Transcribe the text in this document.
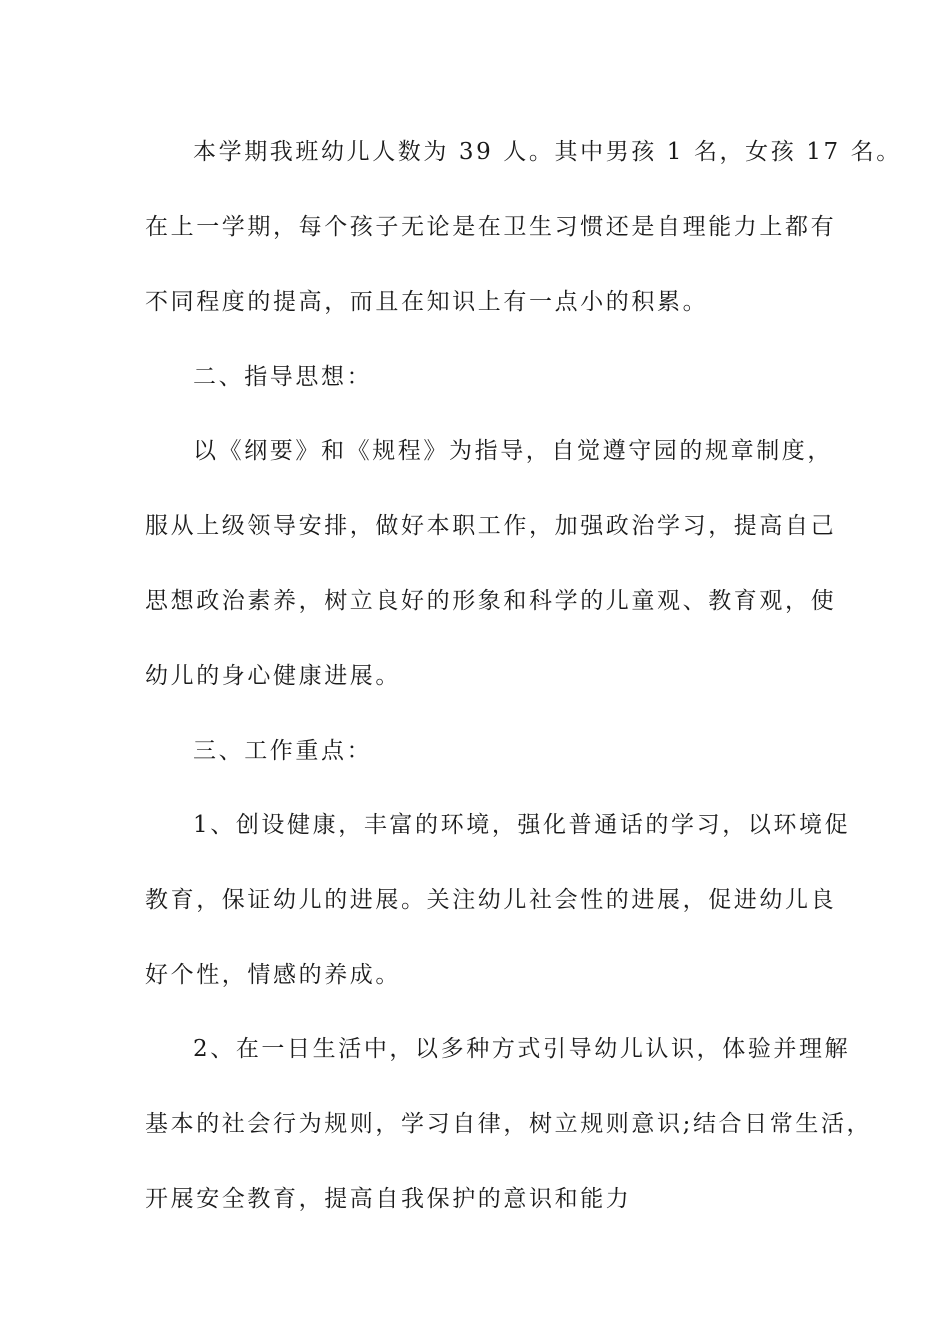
本学期我班幼儿人数为 39 人。其中男孩 1 名，女孩 17 名。
在上一学期，每个孩子无论是在卫生习惯还是自理能力上都有
不同程度的提高，而且在知识上有一点小的积累。
二、指导思想：
以《纲要》和《规程》为指导，自觉遵守园的规章制度，
服从上级领导安排，做好本职工作，加强政治学习，提高自己
思想政治素养，树立良好的形象和科学的儿童观、教育观，使
幼儿的身心健康进展。
三、工作重点：
1、创设健康，丰富的环境，强化普通话的学习，以环境促
教育，保证幼儿的进展。关注幼儿社会性的进展，促进幼儿良
好个性，情感的养成。
2、在一日生活中，以多种方式引导幼儿认识，体验并理解
基本的社会行为规则，学习自律，树立规则意识;结合日常生活，
开展安全教育，提高自我保护的意识和能力
